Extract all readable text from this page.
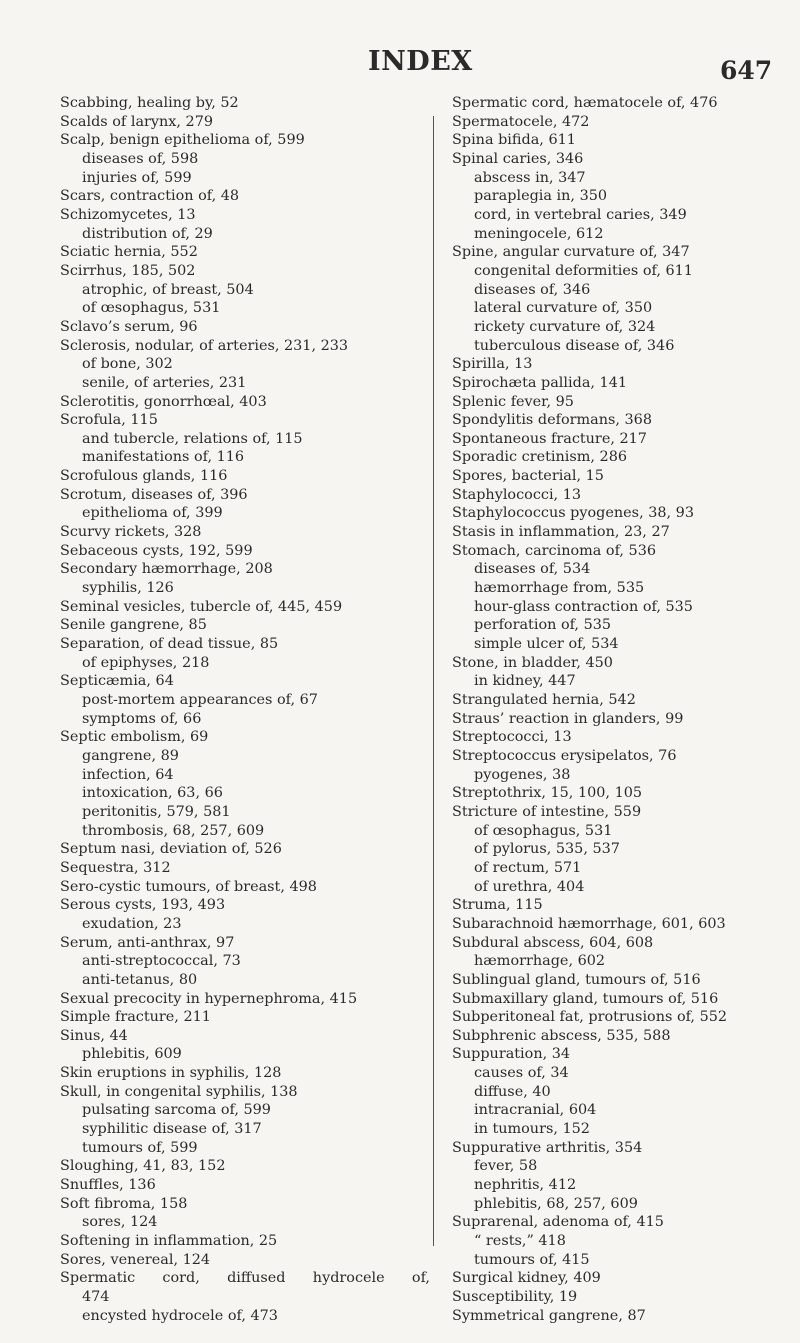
INDEX	647
Scabbing, healing by, 52
Scalds of larynx, 279
Scalp, benign epithelioma of, 599
diseases of, 598
injuries of, 599
Scars, contraction of, 48
Schizomycetes, 13
distribution of, 29
Sciatic hernia, 552
Scirrhus, 185, 502
atrophic, of breast, 504
of œsophagus, 531
Sclavo’s serum, 96
Sclerosis, nodular, of arteries, 231, 233
of bone, 302
senile, of arteries, 231
Sclerotitis, gonorrhœal, 403
Scrofula, 115
and tubercle, relations of, 115
manifestations of, 116
Scrofulous glands, 116
Scrotum, diseases of, 396
epithelioma of, 399
Scurvy rickets, 328
Sebaceous cysts, 192, 599
Secondary hæmorrhage, 208
syphilis, 126
Seminal vesicles, tubercle of, 445, 459
Senile gangrene, 85
Separation, of dead tissue, 85
of epiphyses, 218
Septicæmia, 64
post-mortem appearances of, 67
symptoms of, 66
Septic embolism, 69
gangrene, 89
infection, 64
intoxication, 63, 66
peritonitis, 579, 581
thrombosis, 68, 257, 609
Septum nasi, deviation of, 526
Sequestra, 312
Sero-cystic tumours, of breast, 498
Serous cysts, 193, 493
exudation, 23
Serum, anti-anthrax, 97
anti-streptococcal, 73
anti-tetanus, 80
Sexual precocity in hypernephroma, 415
Simple fracture, 211
Sinus, 44
phlebitis, 609
Skin eruptions in syphilis, 128
Skull, in congenital syphilis, 138
pulsating sarcoma of, 599
syphilitic disease of, 317
tumours of, 599
Sloughing, 41, 83, 152
Snuffles, 136
Soft fibroma, 158
sores, 124
Softening in inflammation, 25
Sores, venereal, 124
Spermatic cord, diffused hydrocele of,
474
encysted hydrocele of, 473
Spermatic cord, hæmatocele of, 476
Spermatocele, 472
Spina bifida, 611
Spinal caries, 346
abscess in, 347
paraplegia in, 350
cord, in vertebral caries, 349
meningocele, 612
Spine, angular curvature of, 347
congenital deformities of, 611
diseases of, 346
lateral curvature of, 350
rickety curvature of, 324
tuberculous disease of, 346
Spirilla, 13
Spirochæta pallida, 141
Splenic fever, 95
Spondylitis deformans, 368
Spontaneous fracture, 217
Sporadic cretinism, 286
Spores, bacterial, 15
Staphylococci, 13
Staphylococcus pyogenes, 38, 93
Stasis in inflammation, 23, 27
Stomach, carcinoma of, 536
diseases of, 534
hæmorrhage from, 535
hour-glass contraction of, 535
perforation of, 535
simple ulcer of, 534
Stone, in bladder, 450
in kidney, 447
Strangulated hernia, 542
Straus’ reaction in glanders, 99
Streptococci, 13
Streptococcus erysipelatos, 76
pyogenes, 38
Streptothrix, 15, 100, 105
Stricture of intestine, 559
of œsophagus, 531
of pylorus, 535, 537
of rectum, 571
of urethra, 404
Struma, 115
Subarachnoid hæmorrhage, 601, 603
Subdural abscess, 604, 608
hæmorrhage, 602
Sublingual gland, tumours of, 516
Submaxillary gland, tumours of, 516
Subperitoneal fat, protrusions of, 552
Subphrenic abscess, 535, 588
Suppuration, 34
causes of, 34
diffuse, 40
intracranial, 604
in tumours, 152
Suppurative arthritis, 354
fever, 58
nephritis, 412
phlebitis, 68, 257, 609
Suprarenal, adenoma of, 415
“ rests,” 418
tumours of, 415
Surgical kidney, 409
Susceptibility, 19
Symmetrical gangrene, 87
